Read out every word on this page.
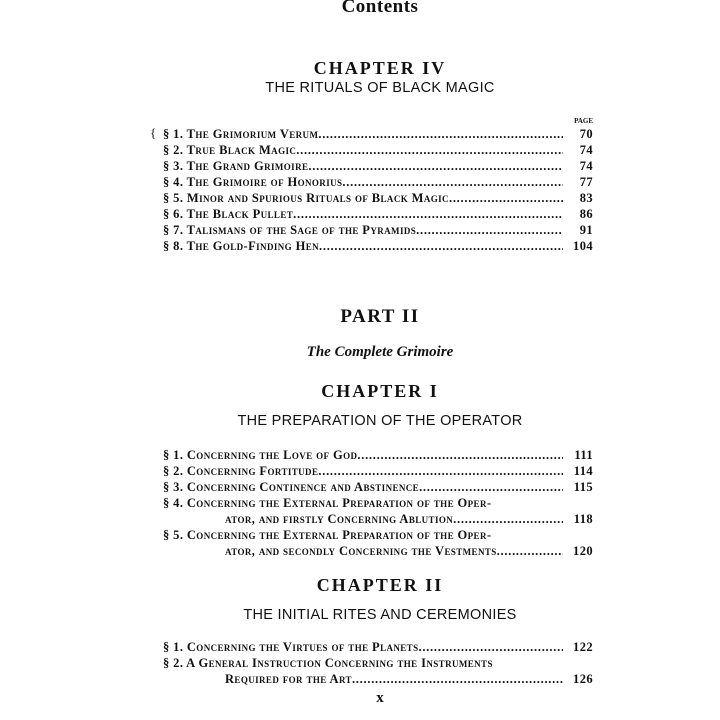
Contents
CHAPTER IV
THE RITUALS OF BLACK MAGIC
PAGE
{ § 1. The Grimorium Verum . . .	70
§ 2. True Black Magic . . .	74
§ 3. The Grand Grimoire . . .	74
§ 4. The Grimoire of Honorius . . .	77
§ 5. Minor and Spurious Rituals of Black Magic . . .	83
§ 6. The Black Pullet . . .	86
§ 7. Talismans of the Sage of the Pyramids . . .	91
§ 8. The Gold-Finding Hen . . .	104
PART II
The Complete Grimoire
CHAPTER I
THE PREPARATION OF THE OPERATOR
§ 1. Concerning the Love of God . . .	111
§ 2. Concerning Fortitude . . .	114
§ 3. Concerning Continence and Abstinence . . .	115
§ 4. Concerning the External Preparation of the Oper-
ator, and firstly Concerning Ablution . . .	118
§ 5. Concerning the External Preparation of the Oper-
ator, and secondly Concerning the Vestments . . .	120
CHAPTER II
THE INITIAL RITES AND CEREMONIES
§ 1. Concerning the Virtues of the Planets . . .	122
§ 2. A General Instruction Concerning the Instruments
Required for the Art . . .	126
x
